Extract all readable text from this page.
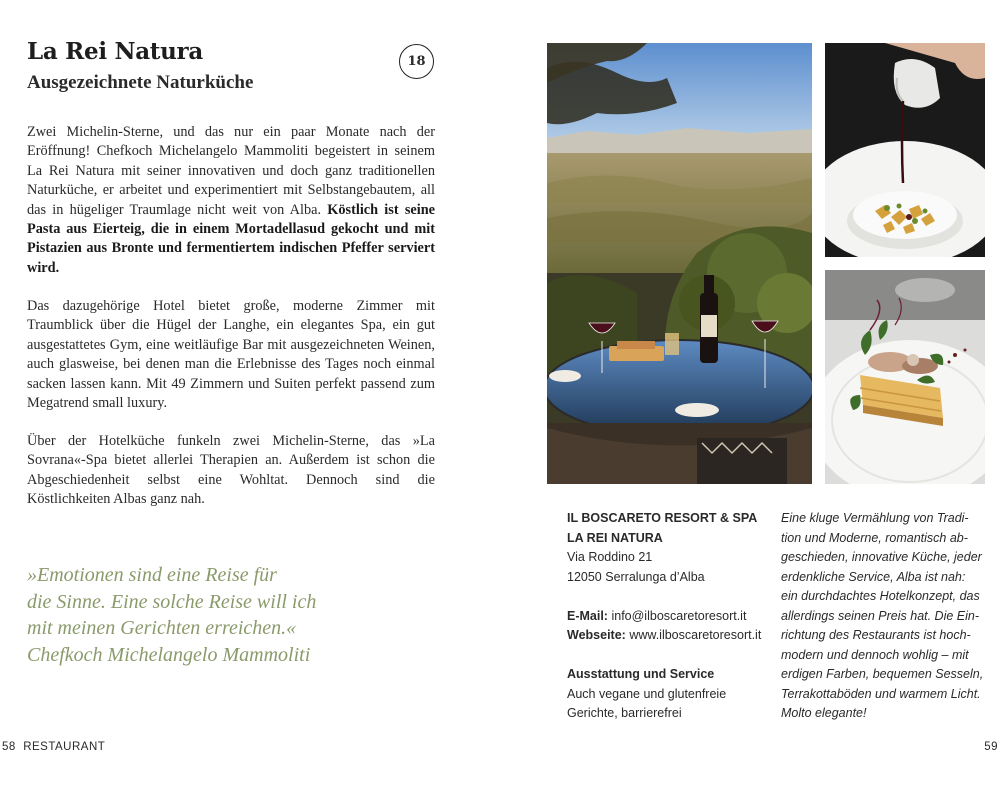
La Rei Natura
Ausgezeichnete Naturküche
18

Zwei Michelin-Sterne, und das nur ein paar Monate nach der Eröffnung! Chefkoch Michelangelo Mammoliti begeistert in seinem La Rei Natura mit seiner innovativen und doch ganz traditionellen Naturküche, er arbeitet und experimentiert mit Selbstangebautem, all das in hügeliger Traumlage nicht weit von Alba. Köstlich ist seine Pasta aus Eierteig, die in einem Mortadellasud gekocht und mit Pistazien aus Bronte und fermentiertem indischen Pfeffer serviert wird.

Das dazugehörige Hotel bietet große, moderne Zimmer mit Traumblick über die Hügel der Langhe, ein elegantes Spa, ein gut ausgestattetes Gym, eine weitläufige Bar mit ausgezeichneten Weinen, auch glasweise, bei denen man die Erlebnisse des Tages noch einmal sacken lassen kann. Mit 49 Zimmern und Suiten perfekt passend zum Megatrend small luxury.

Über der Hotelküche funkeln zwei Michelin-Sterne, das »La Sovrana«-Spa bietet allerlei Therapien an. Außerdem ist schon die Abgeschiedenheit selbst eine Wohltat. Dennoch sind die Köstlichkeiten Albas ganz nah.

»Emotionen sind eine Reise für
die Sinne. Eine solche Reise will ich
mit meinen Gerichten erreichen.«
Chefkoch Michelangelo Mammoliti
58 RESTAURANT
IL BOSCARETO RESORT & SPA
LA REI NATURA
Via Roddino 21
12050 Serralunga d’Alba
E-Mail: info@ilboscaretoresort.it
Webseite: www.ilboscaretoresort.it
Ausstattung und Service
Auch vegane und glutenfreie
Gerichte, barrierefrei
Eine kluge Vermählung von Tradi-
tion und Moderne, romantisch ab-
geschieden, innovative Küche, jeder
erdenkliche Service, Alba ist nah:
ein durchdachtes Hotelkonzept, das
allerdings seinen Preis hat. Die Ein-
richtung des Restaurants ist hoch-
modern und dennoch wohlig – mit
erdigen Farben, bequemen Sesseln,
Terrakottaböden und warmem Licht.
Molto elegante!
59
